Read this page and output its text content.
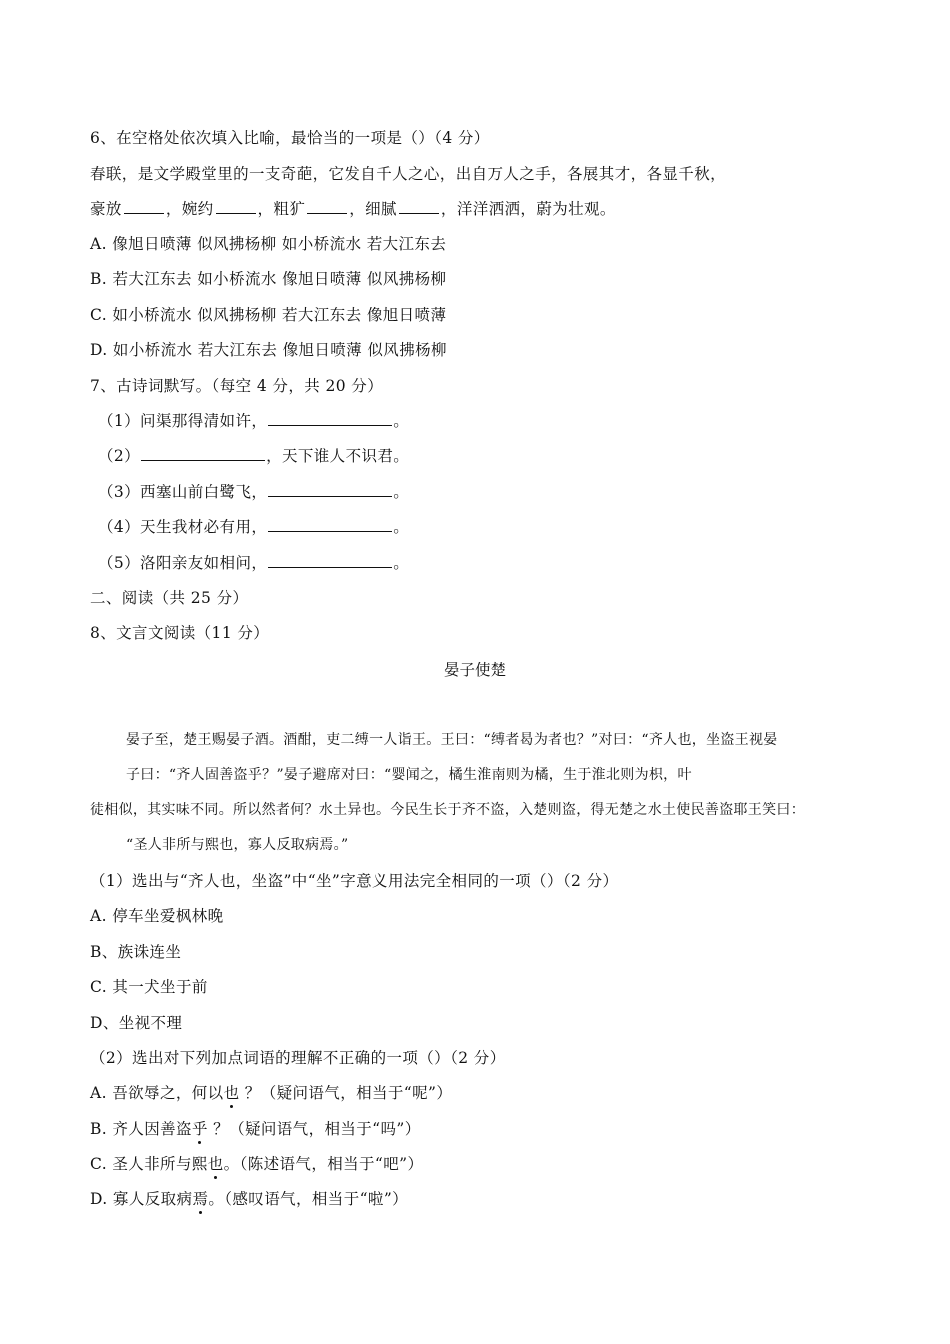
6、在空格处依次填入比喻，最恰当的一项是（）（4 分）
春联，是文学殿堂里的一支奇葩，它发自千人之心，出自万人之手，各展其才，各显千秋，
豪放	，婉约	，粗犷	，细腻	，洋洋洒洒，蔚为壮观。
A. 像旭日喷薄 似风拂杨柳 如小桥流水 若大江东去
B. 若大江东去 如小桥流水 像旭日喷薄 似风拂杨柳
C. 如小桥流水 似风拂杨柳 若大江东去 像旭日喷薄
D. 如小桥流水 若大江东去 像旭日喷薄 似风拂杨柳
7、古诗词默写。（每空 4 分，共 20 分）
（1）问渠那得清如许，	。
（2）	，天下谁人不识君。
（3）西塞山前白鹭飞，	。
（4）天生我材必有用，	。
（5）洛阳亲友如相问，	。
二、阅读（共 25 分）
8、文言文阅读（11 分）
晏子使楚
晏子至，楚王赐晏子酒。酒酣，吏二缚一人诣王。王曰：“缚者曷为者也？”对曰：“齐人也，坐盗王视晏
子曰：“齐人固善盗乎？”晏子避席对曰：“婴闻之，橘生淮南则为橘，生于淮北则为枳，叶
徒相似，其实味不同。所以然者何？水土异也。今民生长于齐不盗，入楚则盗，得无楚之水土使民善盗耶王笑曰：
“圣人非所与熙也，寡人反取病焉。”
（1）选出与“齐人也，坐盗”中“坐”字意义用法完全相同的一项（）（2 分）
A. 停车坐爱枫林晚
B、族诛连坐
C. 其一犬坐于前
D、坐视不理
（2）选出对下列加点词语的理解不正确的一项（）（2 分）
A. 吾欲辱之，何以也 ？（疑问语气，相当于“呢”）
B. 齐人因善盗乎 ？（疑问语气，相当于“吗”）
C. 圣人非所与熙也。（陈述语气，相当于“吧”）
D. 寡人反取病焉。（感叹语气，相当于“啦”）
